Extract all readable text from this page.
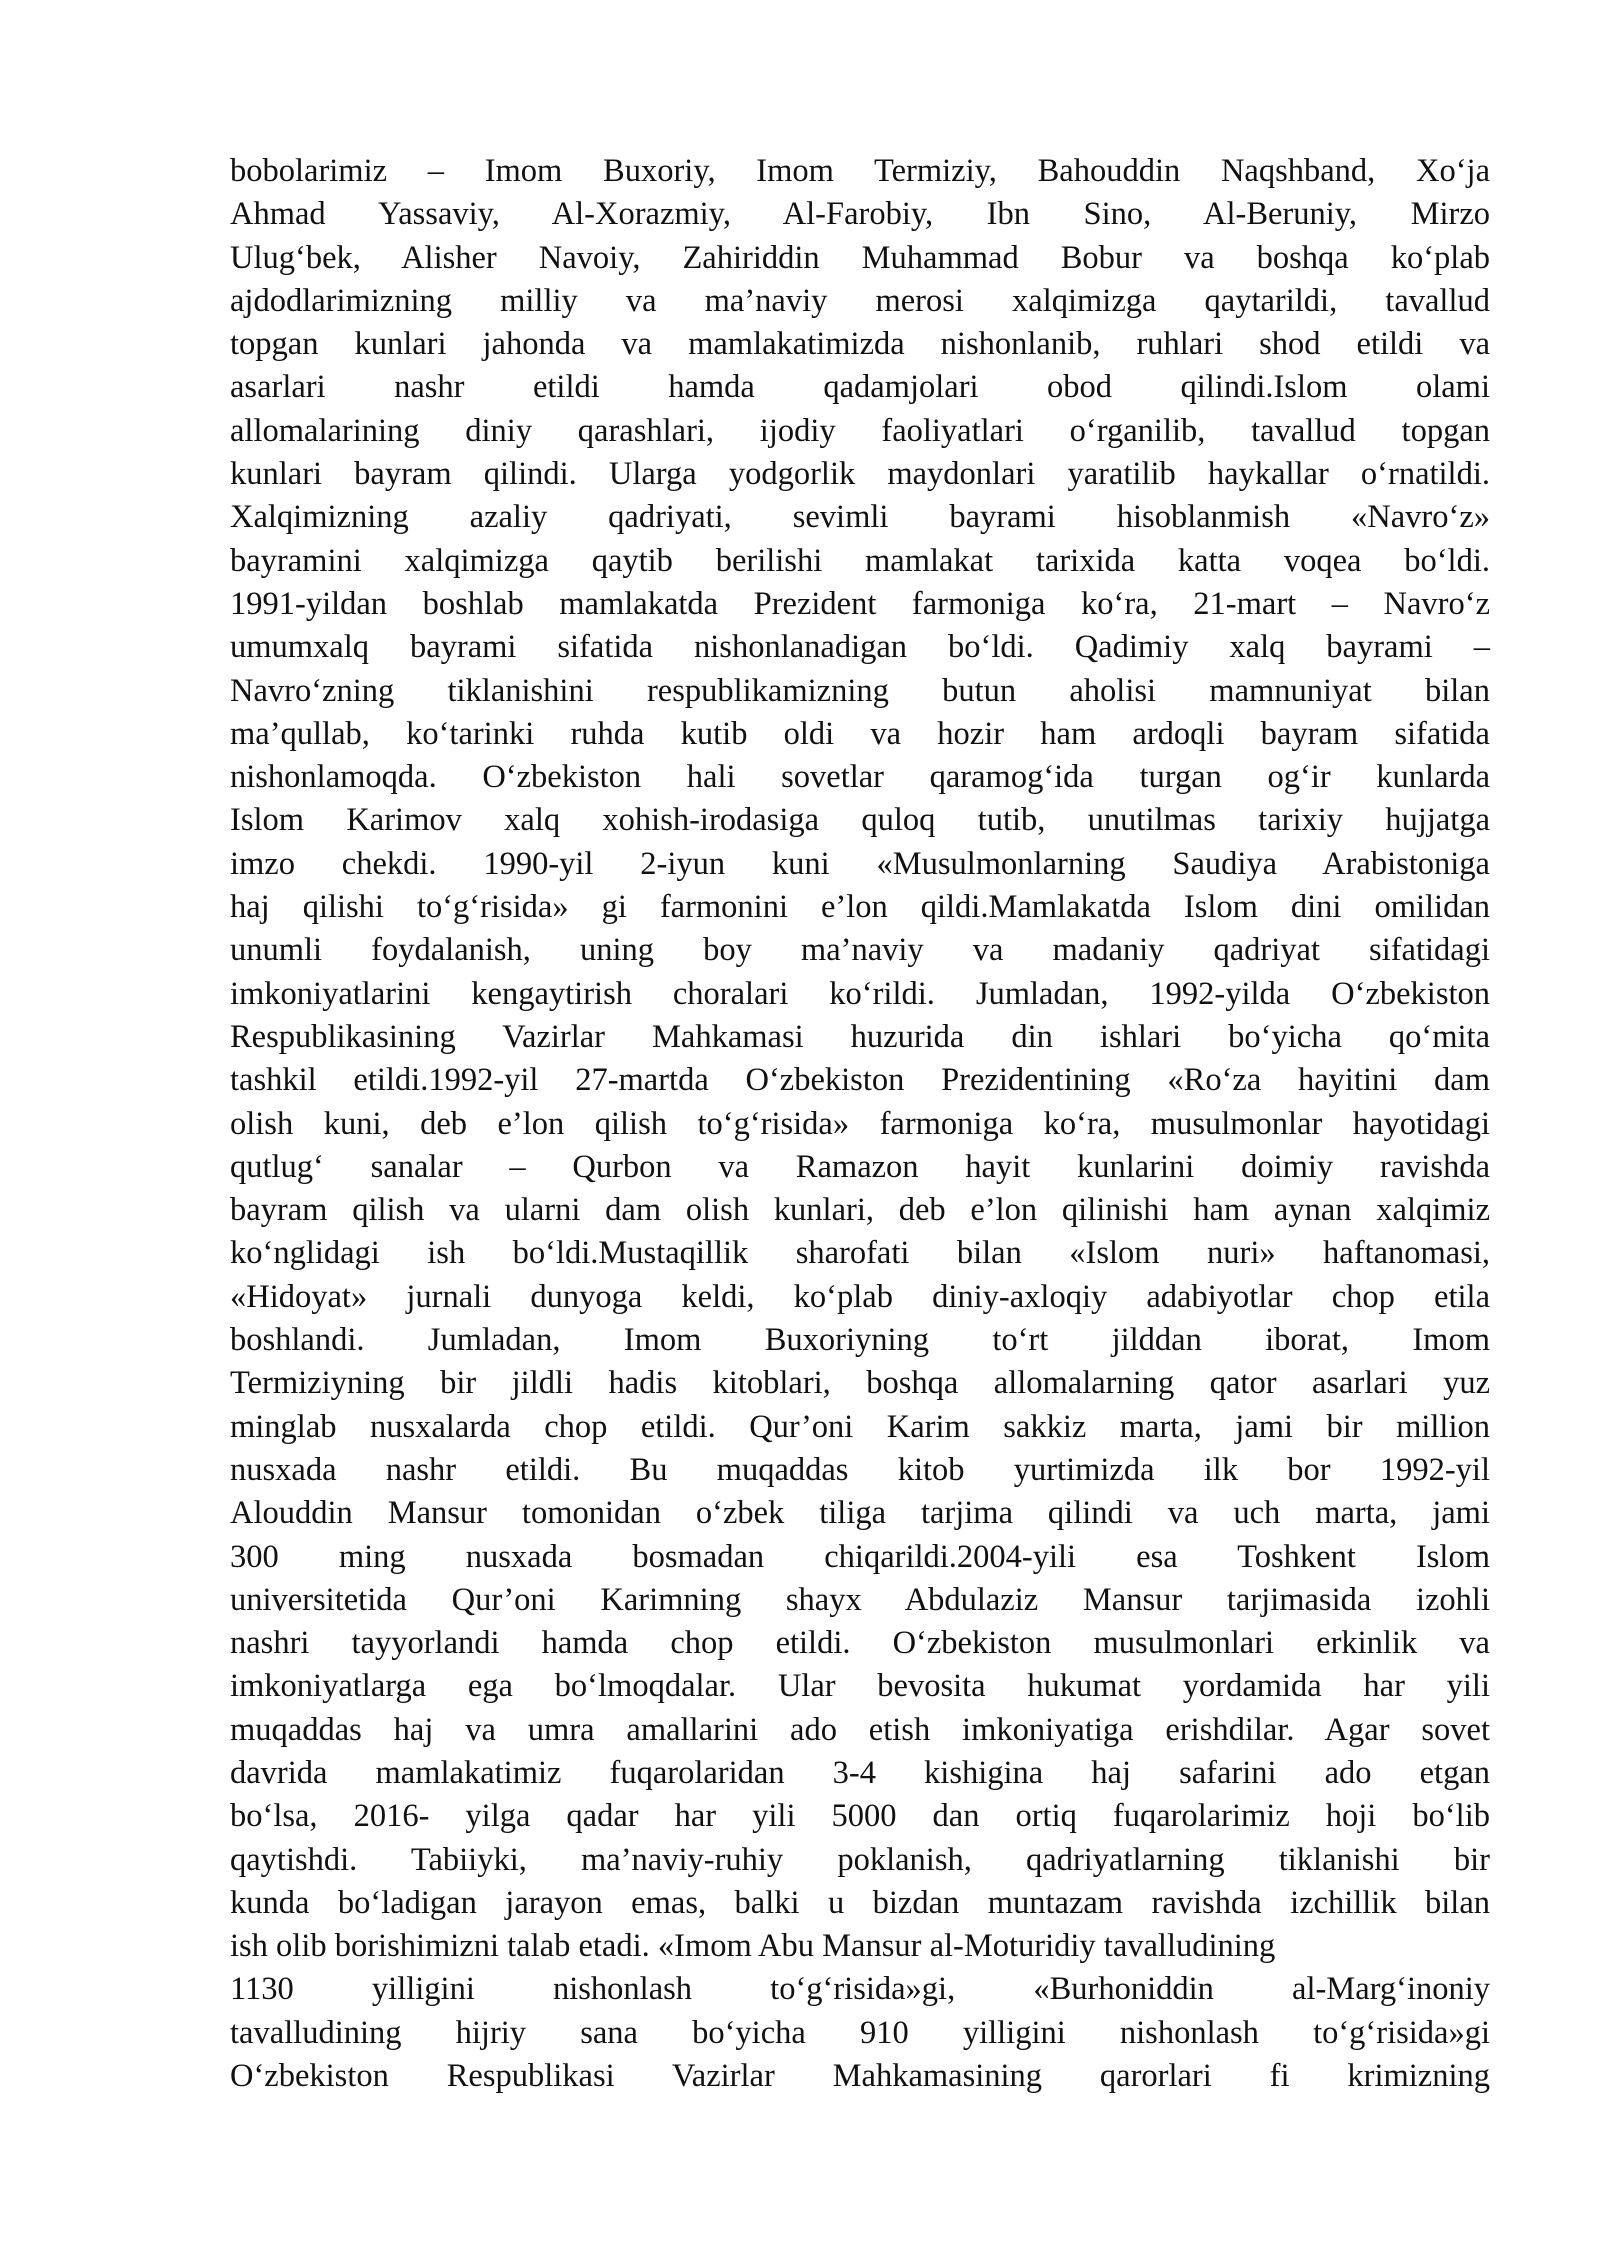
bobolarimiz – Imom Buxoriy, Imom Termiziy, Bahouddin Naqshband, Xo‘ja
Ahmad Yassaviy, Al-Xorazmiy, Al-Farobiy, Ibn Sino, Al-Beruniy, Mirzo
Ulug‘bek, Alisher Navoiy, Zahiriddin Muhammad Bobur va boshqa ko‘plab
ajdodlarimizning milliy va ma’naviy merosi xalqimizga qaytarildi, tavallud
topgan kunlari jahonda va mamlakatimizda nishonlanib, ruhlari shod etildi va
asarlari nashr etildi hamda qadamjolari obod qilindi.Islom olami
allomalarining diniy qarashlari, ijodiy faoliyatlari o‘rganilib, tavallud topgan
kunlari bayram qilindi. Ularga yodgorlik maydonlari yaratilib haykallar o‘rnatildi.
Xalqimizning azaliy qadriyati, sevimli bayrami hisoblanmish «Navro‘z»
bayramini xalqimizga qaytib berilishi mamlakat tarixida katta voqea bo‘ldi.
1991-yildan boshlab mamlakatda Prezident farmoniga ko‘ra, 21-mart – Navro‘z
umumxalq bayrami sifatida nishonlanadigan bo‘ldi. Qadimiy xalq bayrami –
Navro‘zning tiklanishini respublikamizning butun aholisi mamnuniyat bilan
ma’qullab, ko‘tarinki ruhda kutib oldi va hozir ham ardoqli bayram sifatida
nishonlamoqda. O‘zbekiston hali sovetlar qaramog‘ida turgan og‘ir kunlarda
Islom Karimov xalq xohish-irodasiga quloq tutib, unutilmas tarixiy hujjatga
imzo chekdi. 1990-yil 2-iyun kuni «Musulmonlarning Saudiya Arabistoniga
haj qilishi to‘g‘risida» gi farmonini e’lon qildi.Mamlakatda Islom dini omilidan
unumli foydalanish, uning boy ma’naviy va madaniy qadriyat sifatidagi
imkoniyatlarini kengaytirish choralari ko‘rildi. Jumladan, 1992-yilda O‘zbekiston
Respublikasining Vazirlar Mahkamasi huzurida din ishlari bo‘yicha qo‘mita
tashkil etildi.1992-yil 27-martda O‘zbekiston Prezidentining «Ro‘za hayitini dam
olish kuni, deb e’lon qilish to‘g‘risida» farmoniga ko‘ra, musulmonlar hayotidagi
qutlug‘ sanalar – Qurbon va Ramazon hayit kunlarini doimiy ravishda
bayram qilish va ularni dam olish kunlari, deb e’lon qilinishi ham aynan xalqimiz
ko‘nglidagi ish bo‘ldi.Mustaqillik sharofati bilan «Islom nuri» haftanomasi,
«Hidoyat» jurnali dunyoga keldi, ko‘plab diniy-axloqiy adabiyotlar chop etila
boshlandi. Jumladan, Imom Buxoriyning to‘rt jilddan iborat, Imom
Termiziyning bir jildli hadis kitoblari, boshqa allomalarning qator asarlari yuz
minglab nusxalarda chop etildi. Qur’oni Karim sakkiz marta, jami bir million
nusxada nashr etildi. Bu muqaddas kitob yurtimizda ilk bor 1992-yil
Alouddin Mansur tomonidan o‘zbek tiliga tarjima qilindi va uch marta, jami
300 ming nusxada bosmadan chiqarildi.2004-yili esa Toshkent Islom
universitetida Qur’oni Karimning shayx Abdulaziz Mansur tarjimasida izohli
nashri tayyorlandi hamda chop etildi. O‘zbekiston musulmonlari erkinlik va
imkoniyatlarga ega bo‘lmoqdalar. Ular bevosita hukumat yordamida har yili
muqaddas haj va umra amallarini ado etish imkoniyatiga erishdilar. Agar sovet
davrida mamlakatimiz fuqarolaridan 3-4 kishigina haj safarini ado etgan
bo‘lsa, 2016- yilga qadar har yili 5000 dan ortiq fuqarolarimiz hoji bo‘lib
qaytishdi. Tabiiyki, ma’naviy-ruhiy poklanish, qadriyatlarning tiklanishi bir
kunda bo‘ladigan jarayon emas, balki u bizdan muntazam ravishda izchillik bilan
ish olib borishimizni talab etadi. «Imom Abu Mansur al-Moturidiy tavalludining
1130 yilligini nishonlash to‘g‘risida»gi, «Burhoniddin al-Marg‘inoniy
tavalludining hijriy sana bo‘yicha 910 yilligini nishonlash to‘g‘risida»gi
O‘zbekiston Respublikasi Vazirlar Mahkamasining qarorlari fi krimizning
